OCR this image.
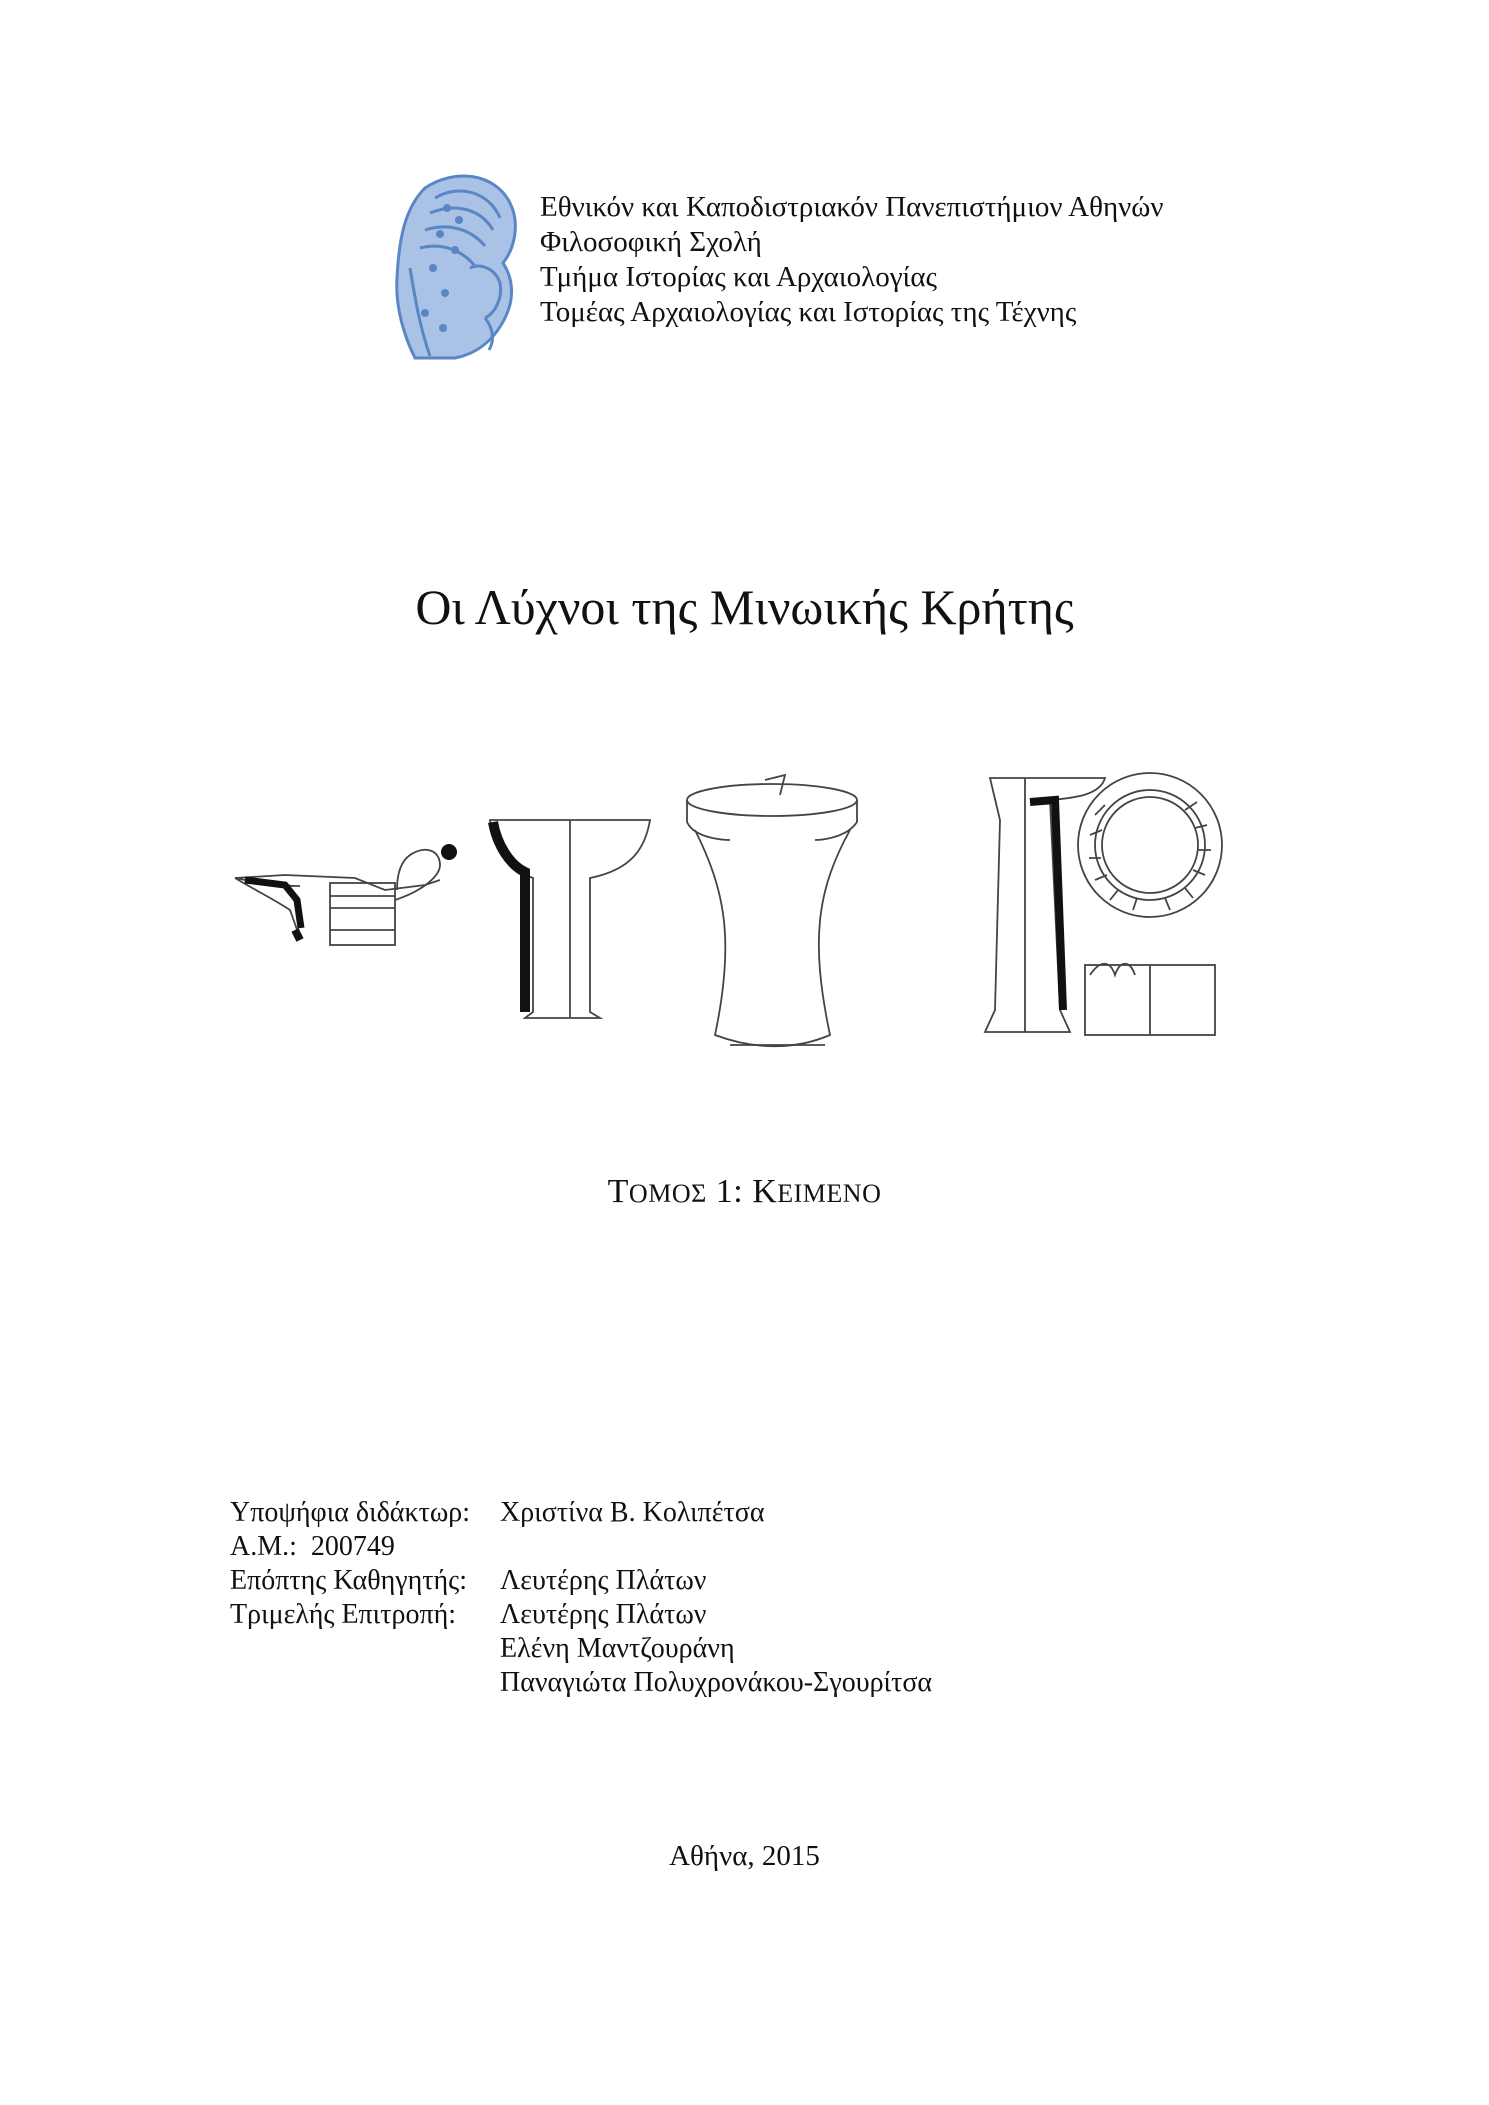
Εθνικόν και Καποδιστριακόν Πανεπιστήμιον Αθηνών
Φιλοσοφική Σχολή
Τμήμα Ιστορίας και Αρχαιολογίας
Τομέας Αρχαιολογίας και Ιστορίας της Τέχνης
Οι Λύχνοι της Μινωικής Κρήτης
ΤΟΜΟΣ 1: ΚΕΙΜΕΝΟ
Υποψήφια διδάκτωρ:	Χριστίνα Β. Κολιπέτσα
Α.Μ.: 200749
Επόπτης Καθηγητής:	Λευτέρης Πλάτων
Τριμελής Επιτροπή:	Λευτέρης Πλάτων
Ελένη Μαντζουράνη
Παναγιώτα Πολυχρονάκου-Σγουρίτσα
Αθήνα, 2015
